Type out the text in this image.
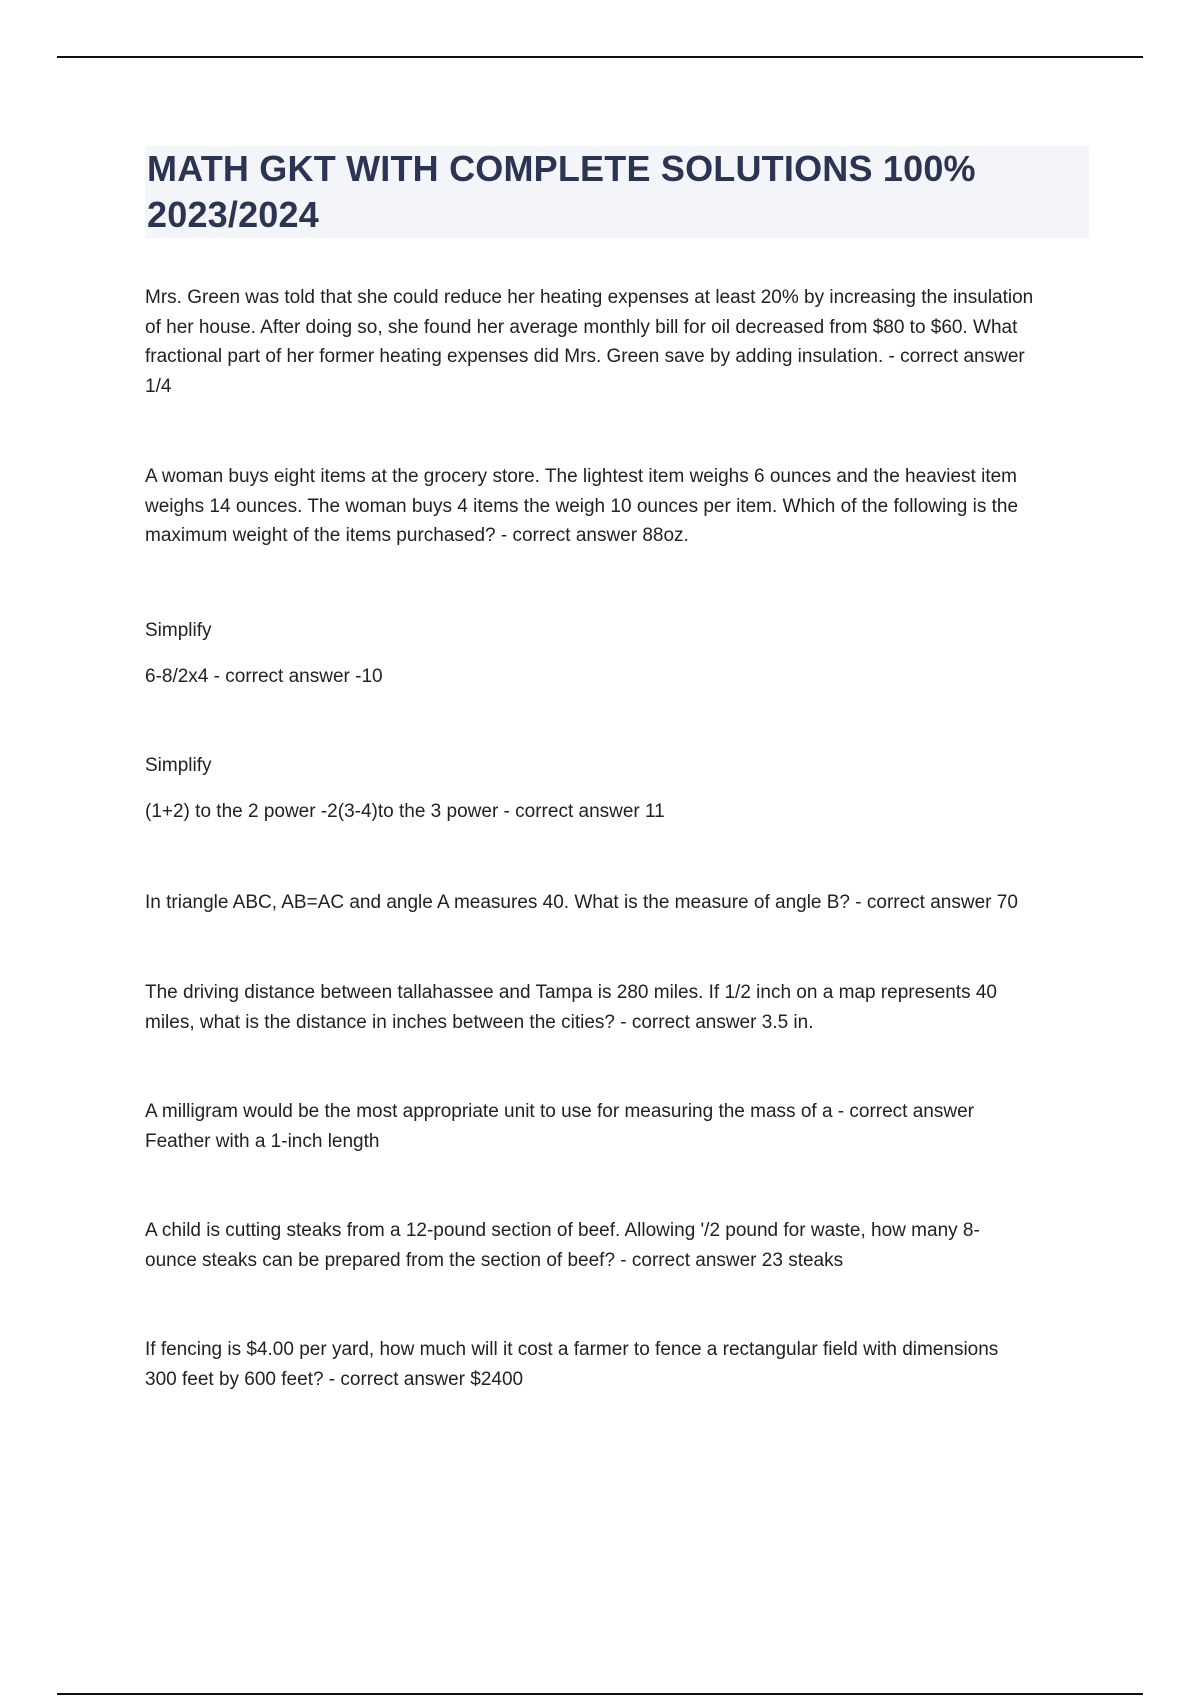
MATH GKT WITH COMPLETE SOLUTIONS 100%
2023/2024

Mrs. Green was told that she could reduce her heating expenses at least 20% by increasing the insulation
of her house. After doing so, she found her average monthly bill for oil decreased from $80 to $60. What
fractional part of her former heating expenses did Mrs. Green save by adding insulation. - correct answer
1/4

A woman buys eight items at the grocery store. The lightest item weighs 6 ounces and the heaviest item
weighs 14 ounces. The woman buys 4 items the weigh 10 ounces per item. Which of the following is the
maximum weight of the items purchased? - correct answer 88oz.

Simplify
6-8/2x4 - correct answer -10

Simplify
(1+2) to the 2 power -2(3-4)to the 3 power - correct answer 11

In triangle ABC, AB=AC and angle A measures 40. What is the measure of angle B? - correct answer 70

The driving distance between tallahassee and Tampa is 280 miles. If 1/2 inch on a map represents 40
miles, what is the distance in inches between the cities? - correct answer 3.5 in.

A milligram would be the most appropriate unit to use for measuring the mass of a - correct answer
Feather with a 1-inch length

A child is cutting steaks from a 12-pound section of beef. Allowing '/2 pound for waste, how many 8-
ounce steaks can be prepared from the section of beef? - correct answer 23 steaks

If fencing is $4.00 per yard, how much will it cost a farmer to fence a rectangular field with dimensions
300 feet by 600 feet? - correct answer $2400
